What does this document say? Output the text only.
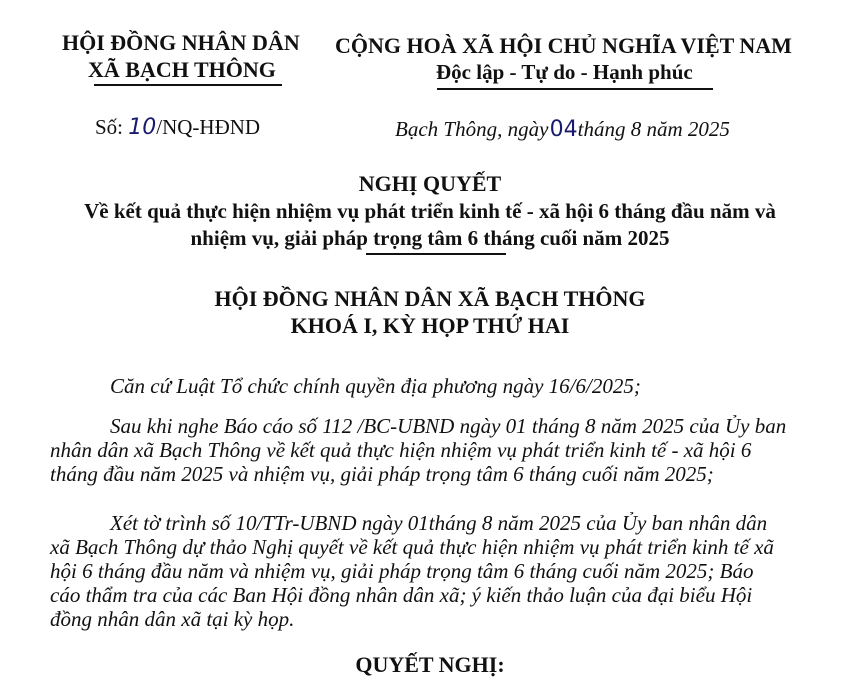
HỘI ĐỒNG NHÂN DÂN
XÃ BẠCH THÔNG
CỘNG HOÀ XÃ HỘI CHỦ NGHĨA VIỆT NAM
Độc lập - Tự do - Hạnh phúc
Số: 10/NQ-HĐND	Bạch Thông, ngày 04tháng 8 năm 2025
NGHỊ QUYẾT
Về kết quả thực hiện nhiệm vụ phát triển kinh tế - xã hội 6 tháng đầu năm và
nhiệm vụ, giải pháp trọng tâm 6 tháng cuối năm 2025
HỘI ĐỒNG NHÂN DÂN XÃ BẠCH THÔNG
KHOÁ I, KỲ HỌP THỨ HAI
Căn cứ Luật Tổ chức chính quyền địa phương ngày 16/6/2025;
Sau khi nghe Báo cáo số 112 /BC-UBND ngày 01 tháng 8 năm 2025 của Ủy ban
nhân dân xã Bạch Thông về kết quả thực hiện nhiệm vụ phát triển kinh tế - xã hội 6
tháng đầu năm 2025 và nhiệm vụ, giải pháp trọng tâm 6 tháng cuối năm 2025;
Xét tờ trình số 10/TTr-UBND ngày 01tháng 8 năm 2025 của Ủy ban nhân dân
xã Bạch Thông dự thảo Nghị quyết về kết quả thực hiện nhiệm vụ phát triển kinh tế xã
hội 6 tháng đầu năm và nhiệm vụ, giải pháp trọng tâm 6 tháng cuối năm 2025; Báo
cáo thẩm tra của các Ban Hội đồng nhân dân xã; ý kiến thảo luận của đại biểu Hội
đồng nhân dân xã tại kỳ họp.
QUYẾT NGHỊ:
